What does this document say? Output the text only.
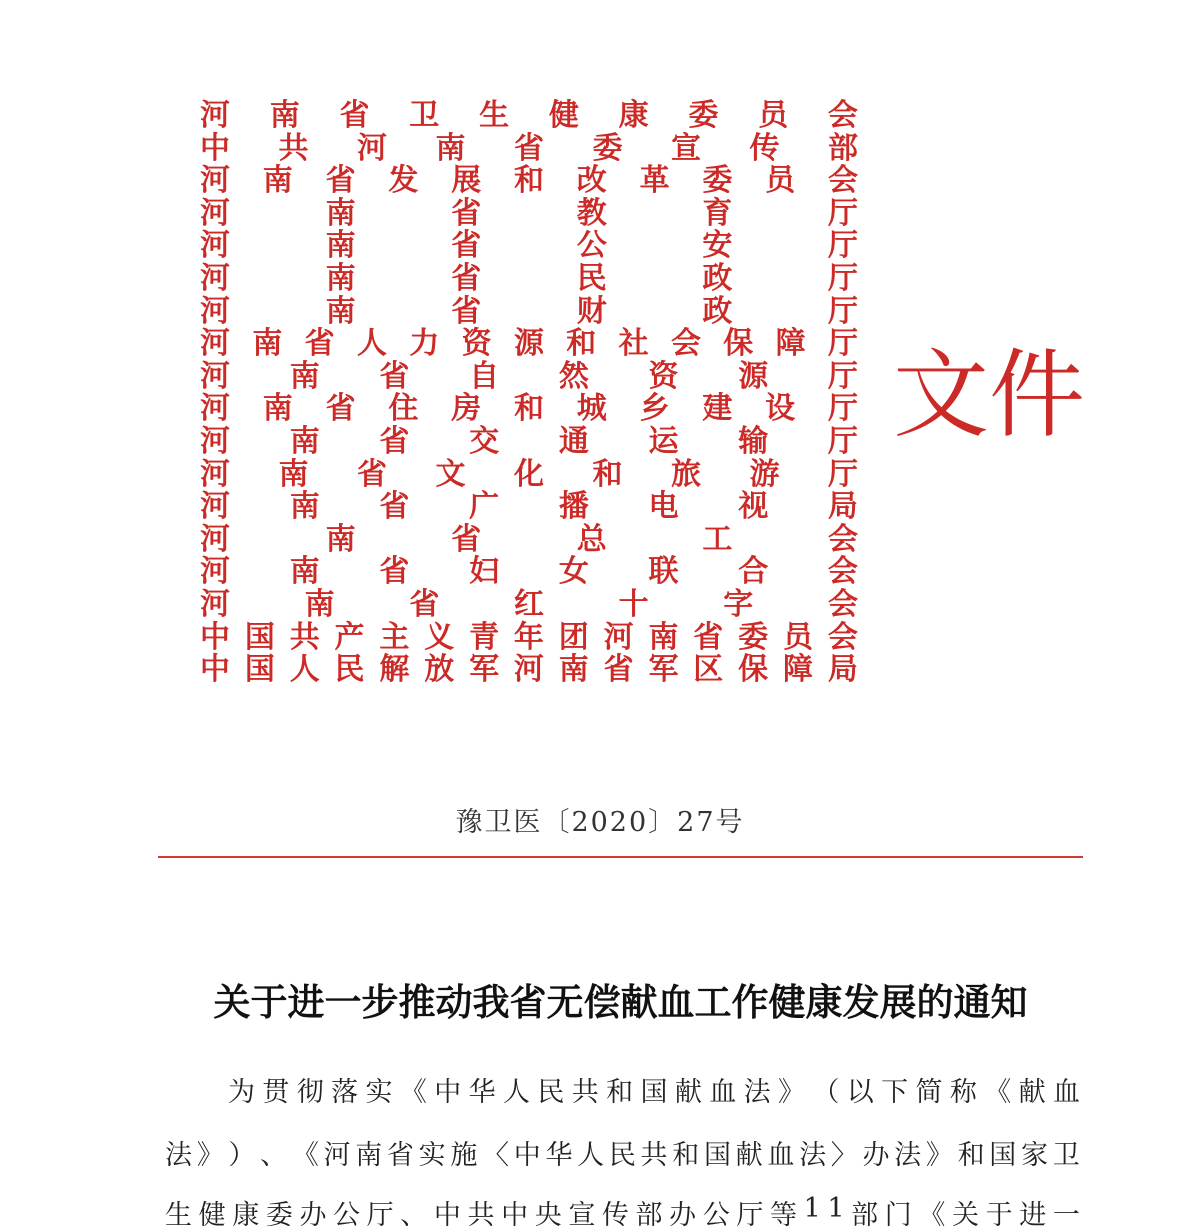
河 南 省 卫 生 健 康 委 员 会
中 共 河 南 省 委 宣 传 部
河 南 省 发 展 和 改 革 委 员 会
河	南	省	教	育	厅
河	南	省	公	安	厅
河	南	省	民	政	厅
河	南	省	财	政	厅
河 南 省 人 力 资 源 和 社 会 保 障 厅
河 南 省 自 然 资 源 厅
河 南 省 住 房 和 城 乡 建 设 厅
河 南 省 交 通 运 输 厅
河 南 省 文 化 和 旅 游 厅
河 南 省 广 播 电 视 局
河	南	省	总	工	会
河 南 省 妇 女 联 合 会
河 南 省 红 十 字 会
中 国 共 产 主 义 青 年 团 河 南 省 委 员 会
中 国 人 民 解 放 军 河 南 省 军 区 保 障 局
文件
豫卫医〔2020〕27号
关于进一步推动我省无偿献血工作健康发展的通知
为 贯 彻 落 实 《 中 华 人 民 共 和 国 献 血 法 》 （ 以 下 简 称 《 献 血
法 》 ） 、 《 河 南 省 实 施 〈 中 华 人 民 共 和 国 献 血 法 〉 办 法 》 和 国 家 卫
生 健 康 委 办 公 厅 、 中 共 中 央 宣 传 部 办 公 厅 等 1 1 部 门 《 关 于 进 一
